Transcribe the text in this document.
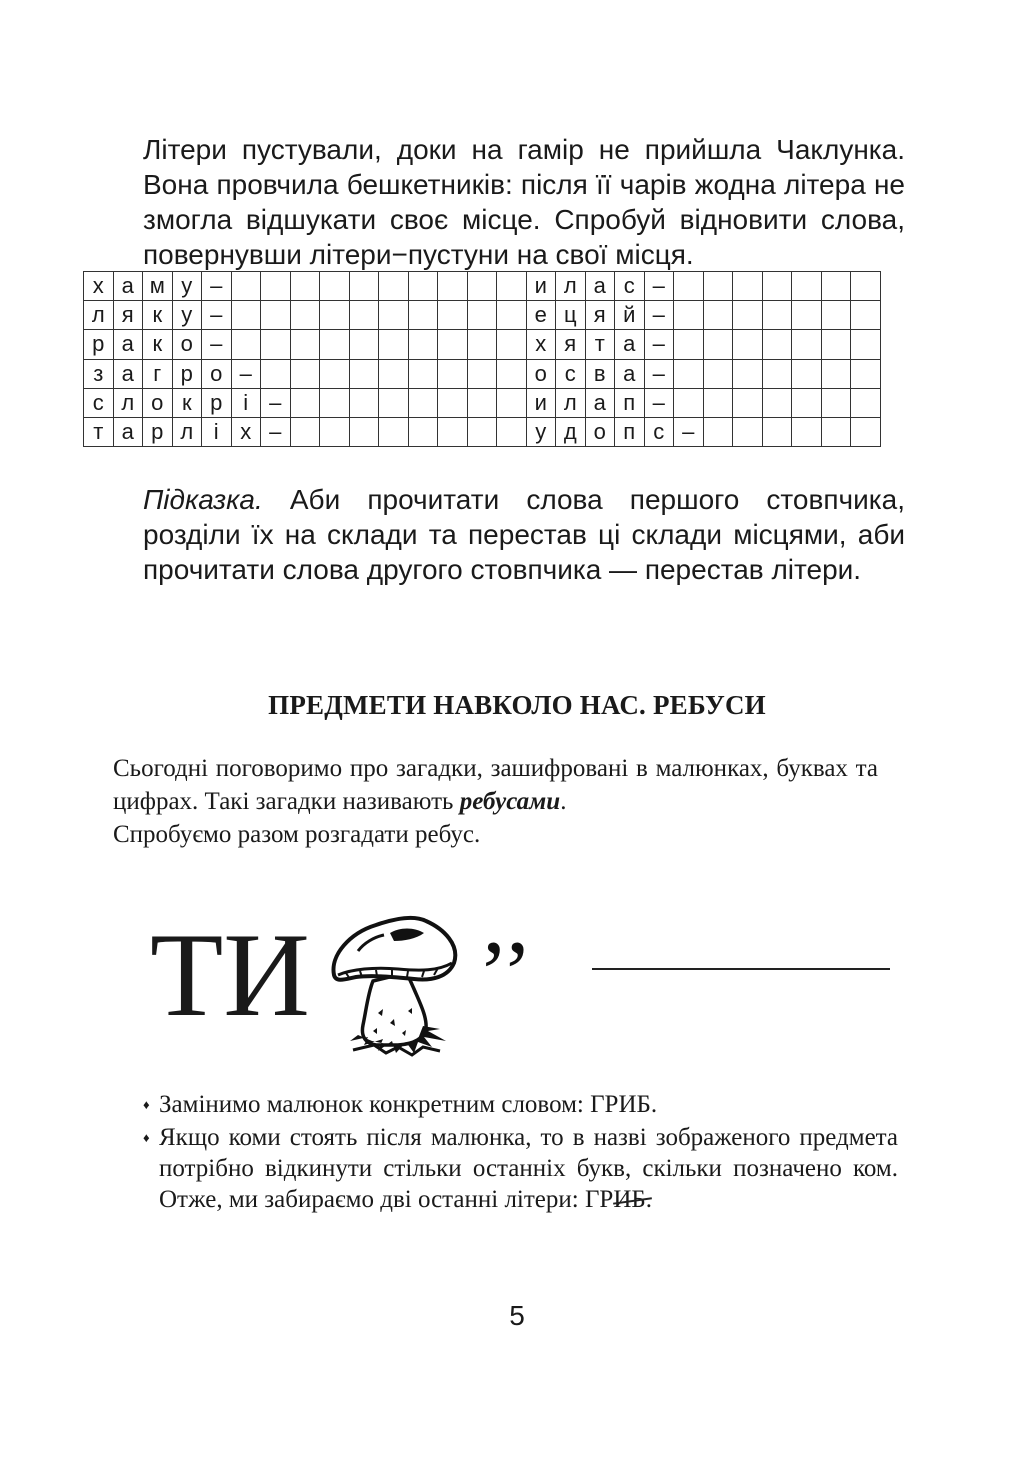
Літери пустували, доки на гамір не прийшла Чаклунка. Вона провчила бешкетників: після її чарів жодна літера не змогла відшукати своє місце. Спробуй відновити слова, повернувши літери−пустуни на свої місця.

х	а	м	у	–											и	л	а	с	–							
л	я	к	у	–											е	ц	я	й	–							
р	а	к	о	–											х	я	т	а	–							
з	а	г	р	о	–										о	с	в	а	–							
с	л	о	к	р	і	–									и	л	а	п	–							
т	а	р	л	і	х	–									у	д	о	п	с	–						

Підказка. Аби прочитати слова першого стовпчика, розділи їх на склади та перестав ці склади місцями, аби прочитати слова другого стовпчика — перестав літери.

ПРЕДМЕТИ НАВКОЛО НАС. РЕБУСИ

Сьогодні поговоримо про загадки, зашифровані в малюнках, буквах та цифрах. Такі загадки називають ребусами.

Спробуємо разом розгадати ребус.

ТИ ’’

♦ Замінимо малюнок конкретним словом: ГРИБ.

♦ Якщо коми стоять після малюнка, то в назві зображеного предмета потрібно відкинути стільки останніх букв, скільки позначено ком. Отже, ми забираємо дві останні літери: ГРИБ.

5
